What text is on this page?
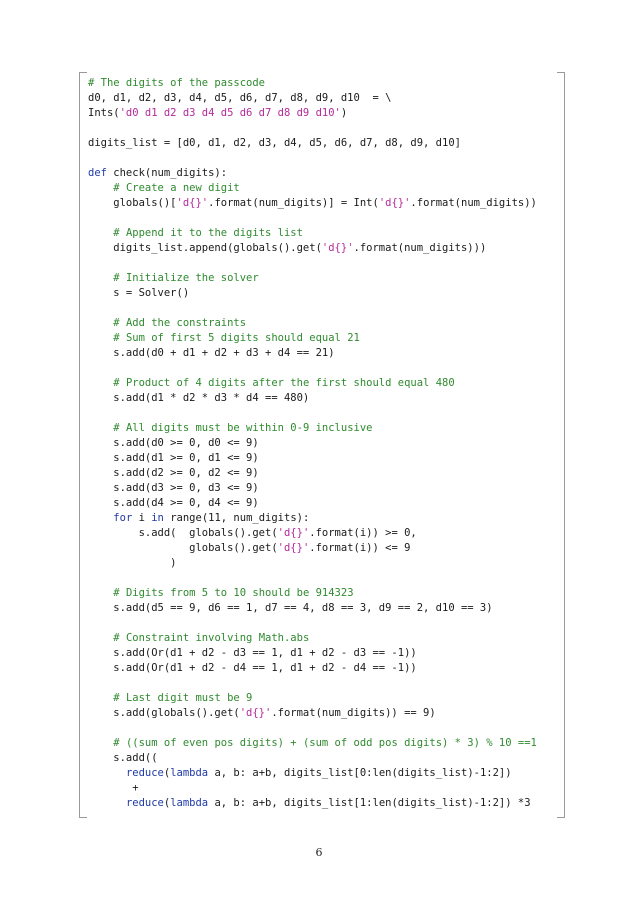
# The digits of the passcode
d0, d1, d2, d3, d4, d5, d6, d7, d8, d9, d10  = \
Ints('d0 d1 d2 d3 d4 d5 d6 d7 d8 d9 d10')
digits_list = [d0, d1, d2, d3, d4, d5, d6, d7, d8, d9, d10]
def check(num_digits):
# Create a new digit
globals()['d{}'.format(num_digits)] = Int('d{}'.format(num_digits))
# Append it to the digits list
digits_list.append(globals().get('d{}'.format(num_digits)))
# Initialize the solver
s = Solver()
# Add the constraints
# Sum of first 5 digits should equal 21
s.add(d0 + d1 + d2 + d3 + d4 == 21)
# Product of 4 digits after the first should equal 480
s.add(d1 * d2 * d3 * d4 == 480)
# All digits must be within 0-9 inclusive
s.add(d0 >= 0, d0 <= 9)
s.add(d1 >= 0, d1 <= 9)
s.add(d2 >= 0, d2 <= 9)
s.add(d3 >= 0, d3 <= 9)
s.add(d4 >= 0, d4 <= 9)
for i in range(11, num_digits):
s.add(  globals().get('d{}'.format(i)) >= 0,
globals().get('d{}'.format(i)) <= 9
)
# Digits from 5 to 10 should be 914323
s.add(d5 == 9, d6 == 1, d7 == 4, d8 == 3, d9 == 2, d10 == 3)
# Constraint involving Math.abs
s.add(Or(d1 + d2 - d3 == 1, d1 + d2 - d3 == -1))
s.add(Or(d1 + d2 - d4 == 1, d1 + d2 - d4 == -1))
# Last digit must be 9
s.add(globals().get('d{}'.format(num_digits)) == 9)
# ((sum of even pos digits) + (sum of odd pos digits) * 3) % 10 ==1
s.add((
reduce(lambda a, b: a+b, digits_list[0:len(digits_list)-1:2])
+
reduce(lambda a, b: a+b, digits_list[1:len(digits_list)-1:2]) *3
6
